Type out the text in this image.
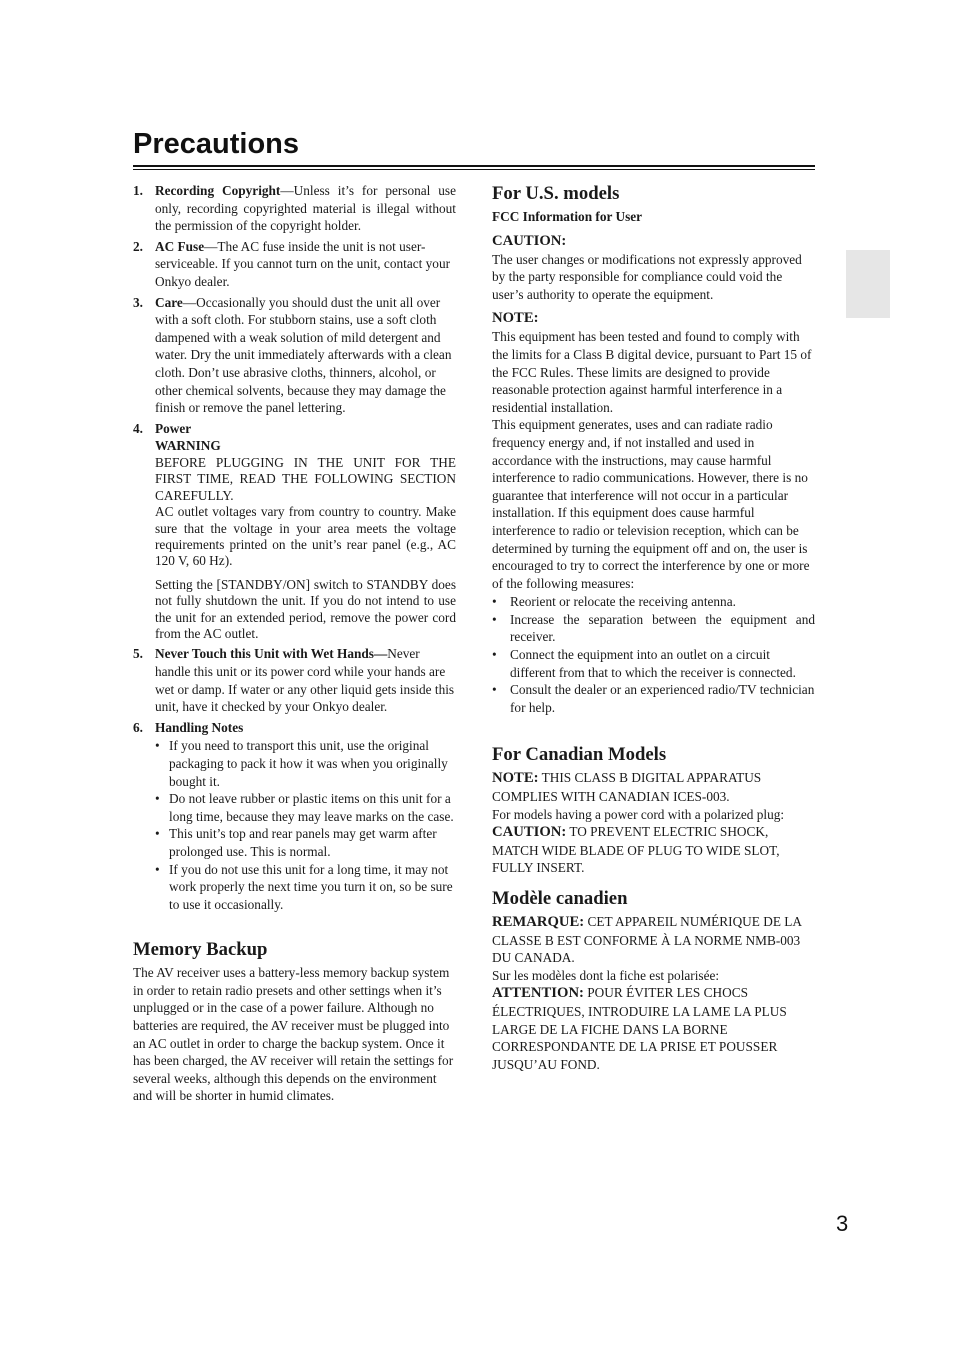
Precautions
1. Recording Copyright—Unless it’s for personal use only, recording copyrighted material is illegal without the permission of the copyright holder.
2. AC Fuse—The AC fuse inside the unit is not user-serviceable. If you cannot turn on the unit, contact your Onkyo dealer.
3. Care—Occasionally you should dust the unit all over with a soft cloth. For stubborn stains, use a soft cloth dampened with a weak solution of mild detergent and water. Dry the unit immediately afterwards with a clean cloth. Don’t use abrasive cloths, thinners, alcohol, or other chemical solvents, because they may damage the finish or remove the panel lettering.
4. Power
WARNING

BEFORE PLUGGING IN THE UNIT FOR THE FIRST TIME, READ THE FOLLOWING SECTION CAREFULLY.

AC outlet voltages vary from country to country. Make sure that the voltage in your area meets the voltage requirements printed on the unit’s rear panel (e.g., AC 120 V, 60 Hz).

Setting the [STANDBY/ON] switch to STANDBY does not fully shutdown the unit. If you do not intend to use the unit for an extended period, remove the power cord from the AC outlet.

5. Never Touch this Unit with Wet Hands—Never handle this unit or its power cord while your hands are wet or damp. If water or any other liquid gets inside this unit, have it checked by your Onkyo dealer.
6. Handling Notes
• If you need to transport this unit, use the original packaging to pack it how it was when you originally bought it.
• Do not leave rubber or plastic items on this unit for a long time, because they may leave marks on the case.
• This unit’s top and rear panels may get warm after prolonged use. This is normal.
• If you do not use this unit for a long time, it may not work properly the next time you turn it on, so be sure to use it occasionally.
Memory Backup

The AV receiver uses a battery-less memory backup system in order to retain radio presets and other settings when it’s unplugged or in the case of a power failure. Although no batteries are required, the AV receiver must be plugged into an AC outlet in order to charge the backup system. Once it has been charged, the AV receiver will retain the settings for several weeks, although this depends on the environment and will be shorter in humid climates.

For U.S. models

FCC Information for User

CAUTION:

The user changes or modifications not expressly approved by the party responsible for compliance could void the user’s authority to operate the equipment.

NOTE:

This equipment has been tested and found to comply with the limits for a Class B digital device, pursuant to Part 15 of the FCC Rules. These limits are designed to provide reasonable protection against harmful interference in a residential installation.

This equipment generates, uses and can radiate radio frequency energy and, if not installed and used in accordance with the instructions, may cause harmful interference to radio communications. However, there is no guarantee that interference will not occur in a particular installation. If this equipment does cause harmful interference to radio or television reception, which can be determined by turning the equipment off and on, the user is encouraged to try to correct the interference by one or more of the following measures:

• Reorient or relocate the receiving antenna.
• Increase the separation between the equipment and receiver.
• Connect the equipment into an outlet on a circuit different from that to which the receiver is connected.
• Consult the dealer or an experienced radio/TV technician for help.
For Canadian Models

NOTE: THIS CLASS B DIGITAL APPARATUS COMPLIES WITH CANADIAN ICES-003.

For models having a power cord with a polarized plug:

CAUTION: TO PREVENT ELECTRIC SHOCK, MATCH WIDE BLADE OF PLUG TO WIDE SLOT, FULLY INSERT.

Modèle canadien

REMARQUE: CET APPAREIL NUMÉRIQUE DE LA CLASSE B EST CONFORME À LA NORME NMB-003 DU CANADA.

Sur les modèles dont la fiche est polarisée:

ATTENTION: POUR ÉVITER LES CHOCS ÉLECTRIQUES, INTRODUIRE LA LAME LA PLUS LARGE DE LA FICHE DANS LA BORNE CORRESPONDANTE DE LA PRISE ET POUSSER JUSQU’AU FOND.

3
